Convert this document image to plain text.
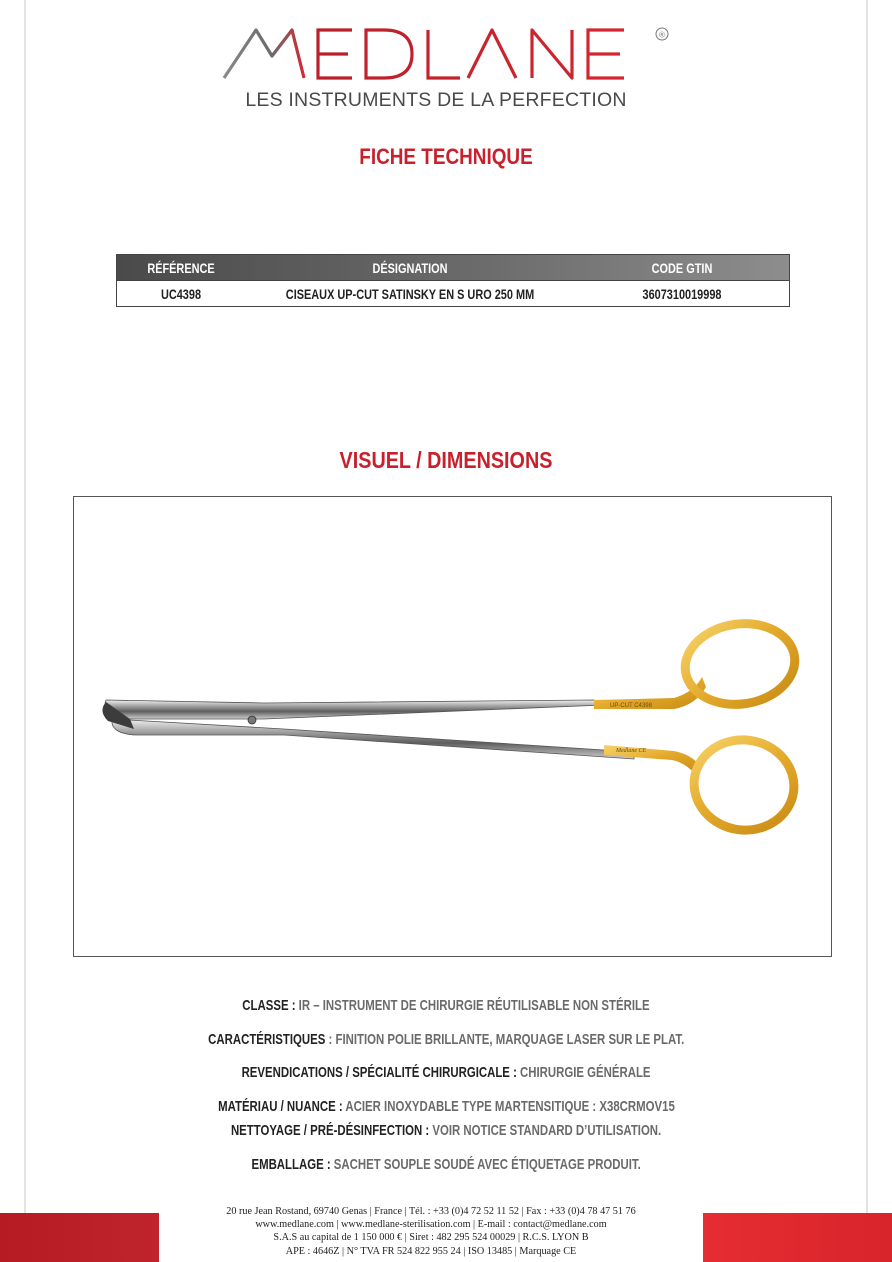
®
LES INSTRUMENTS DE LA PERFECTION
FICHE TECHNIQUE
RÉFÉRENCE	DÉSIGNATION	CODE GTIN
UC4398	CISEAUX UP-CUT SATINSKY EN S URO 250 MM	3607310019998
VISUEL / DIMENSIONS
UP-CUT C4398
Medlane CE
CLASSE : IR – INSTRUMENT DE CHIRURGIE RÉUTILISABLE NON STÉRILE
CARACTÉRISTIQUES : FINITION POLIE BRILLANTE, MARQUAGE LASER SUR LE PLAT.
REVENDICATIONS / SPÉCIALITÉ CHIRURGICALE : CHIRURGIE GÉNÉRALE
MATÉRIAU / NUANCE : ACIER INOXYDABLE TYPE MARTENSITIQUE : X38CRMOV15
NETTOYAGE / PRÉ-DÉSINFECTION : VOIR NOTICE STANDARD D’UTILISATION.
EMBALLAGE : SACHET SOUPLE SOUDÉ AVEC ÉTIQUETAGE PRODUIT.
20 rue Jean Rostand, 69740 Genas | France | Tél. : +33 (0)4 72 52 11 52 | Fax : +33 (0)4 78 47 51 76
www.medlane.com | www.medlane-sterilisation.com | E-mail : contact@medlane.com
S.A.S au capital de 1 150 000 € | Siret : 482 295 524 00029 | R.C.S. LYON B
APE : 4646Z | N° TVA FR 524 822 955 24 | ISO 13485 | Marquage CE
